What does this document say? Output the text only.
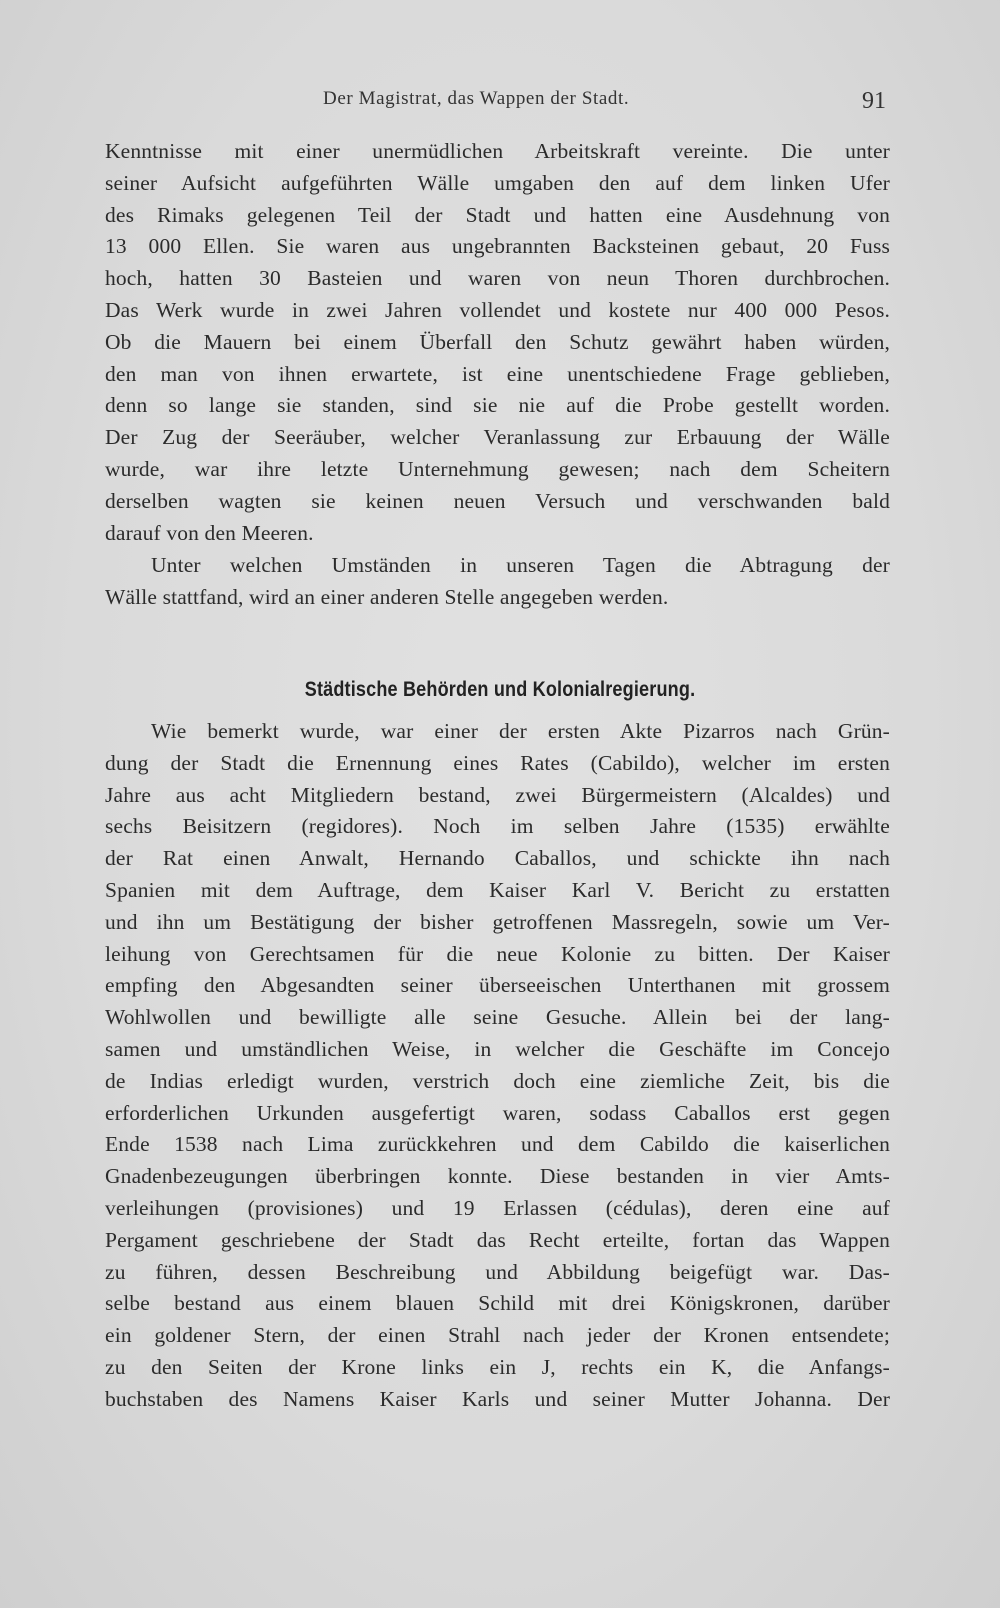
Der Magistrat, das Wappen der Stadt.	91
Kenntnisse mit einer unermüdlichen Arbeitskraft vereinte. Die unter
seiner Aufsicht aufgeführten Wälle umgaben den auf dem linken Ufer
des Rimaks gelegenen Teil der Stadt und hatten eine Ausdehnung von
13 000 Ellen. Sie waren aus ungebrannten Backsteinen gebaut, 20 Fuss
hoch, hatten 30 Basteien und waren von neun Thoren durchbrochen.
Das Werk wurde in zwei Jahren vollendet und kostete nur 400 000 Pesos.
Ob die Mauern bei einem Überfall den Schutz gewährt haben würden,
den man von ihnen erwartete, ist eine unentschiedene Frage geblieben,
denn so lange sie standen, sind sie nie auf die Probe gestellt worden.
Der Zug der Seeräuber, welcher Veranlassung zur Erbauung der Wälle
wurde, war ihre letzte Unternehmung gewesen; nach dem Scheitern
derselben wagten sie keinen neuen Versuch und verschwanden bald
darauf von den Meeren.
Unter welchen Umständen in unseren Tagen die Abtragung der
Wälle stattfand, wird an einer anderen Stelle angegeben werden.
Städtische Behörden und Kolonialregierung.
Wie bemerkt wurde, war einer der ersten Akte Pizarros nach Grün-
dung der Stadt die Ernennung eines Rates (Cabildo), welcher im ersten
Jahre aus acht Mitgliedern bestand, zwei Bürgermeistern (Alcaldes) und
sechs Beisitzern (regidores). Noch im selben Jahre (1535) erwählte
der Rat einen Anwalt, Hernando Caballos, und schickte ihn nach
Spanien mit dem Auftrage, dem Kaiser Karl V. Bericht zu erstatten
und ihn um Bestätigung der bisher getroffenen Massregeln, sowie um Ver-
leihung von Gerechtsamen für die neue Kolonie zu bitten. Der Kaiser
empfing den Abgesandten seiner überseeischen Unterthanen mit grossem
Wohlwollen und bewilligte alle seine Gesuche. Allein bei der lang-
samen und umständlichen Weise, in welcher die Geschäfte im Concejo
de Indias erledigt wurden, verstrich doch eine ziemliche Zeit, bis die
erforderlichen Urkunden ausgefertigt waren, sodass Caballos erst gegen
Ende 1538 nach Lima zurückkehren und dem Cabildo die kaiserlichen
Gnadenbezeugungen überbringen konnte. Diese bestanden in vier Amts-
verleihungen (provisiones) und 19 Erlassen (cédulas), deren eine auf
Pergament geschriebene der Stadt das Recht erteilte, fortan das Wappen
zu führen, dessen Beschreibung und Abbildung beigefügt war. Das-
selbe bestand aus einem blauen Schild mit drei Königskronen, darüber
ein goldener Stern, der einen Strahl nach jeder der Kronen entsendete;
zu den Seiten der Krone links ein J, rechts ein K, die Anfangs-
buchstaben des Namens Kaiser Karls und seiner Mutter Johanna. Der
